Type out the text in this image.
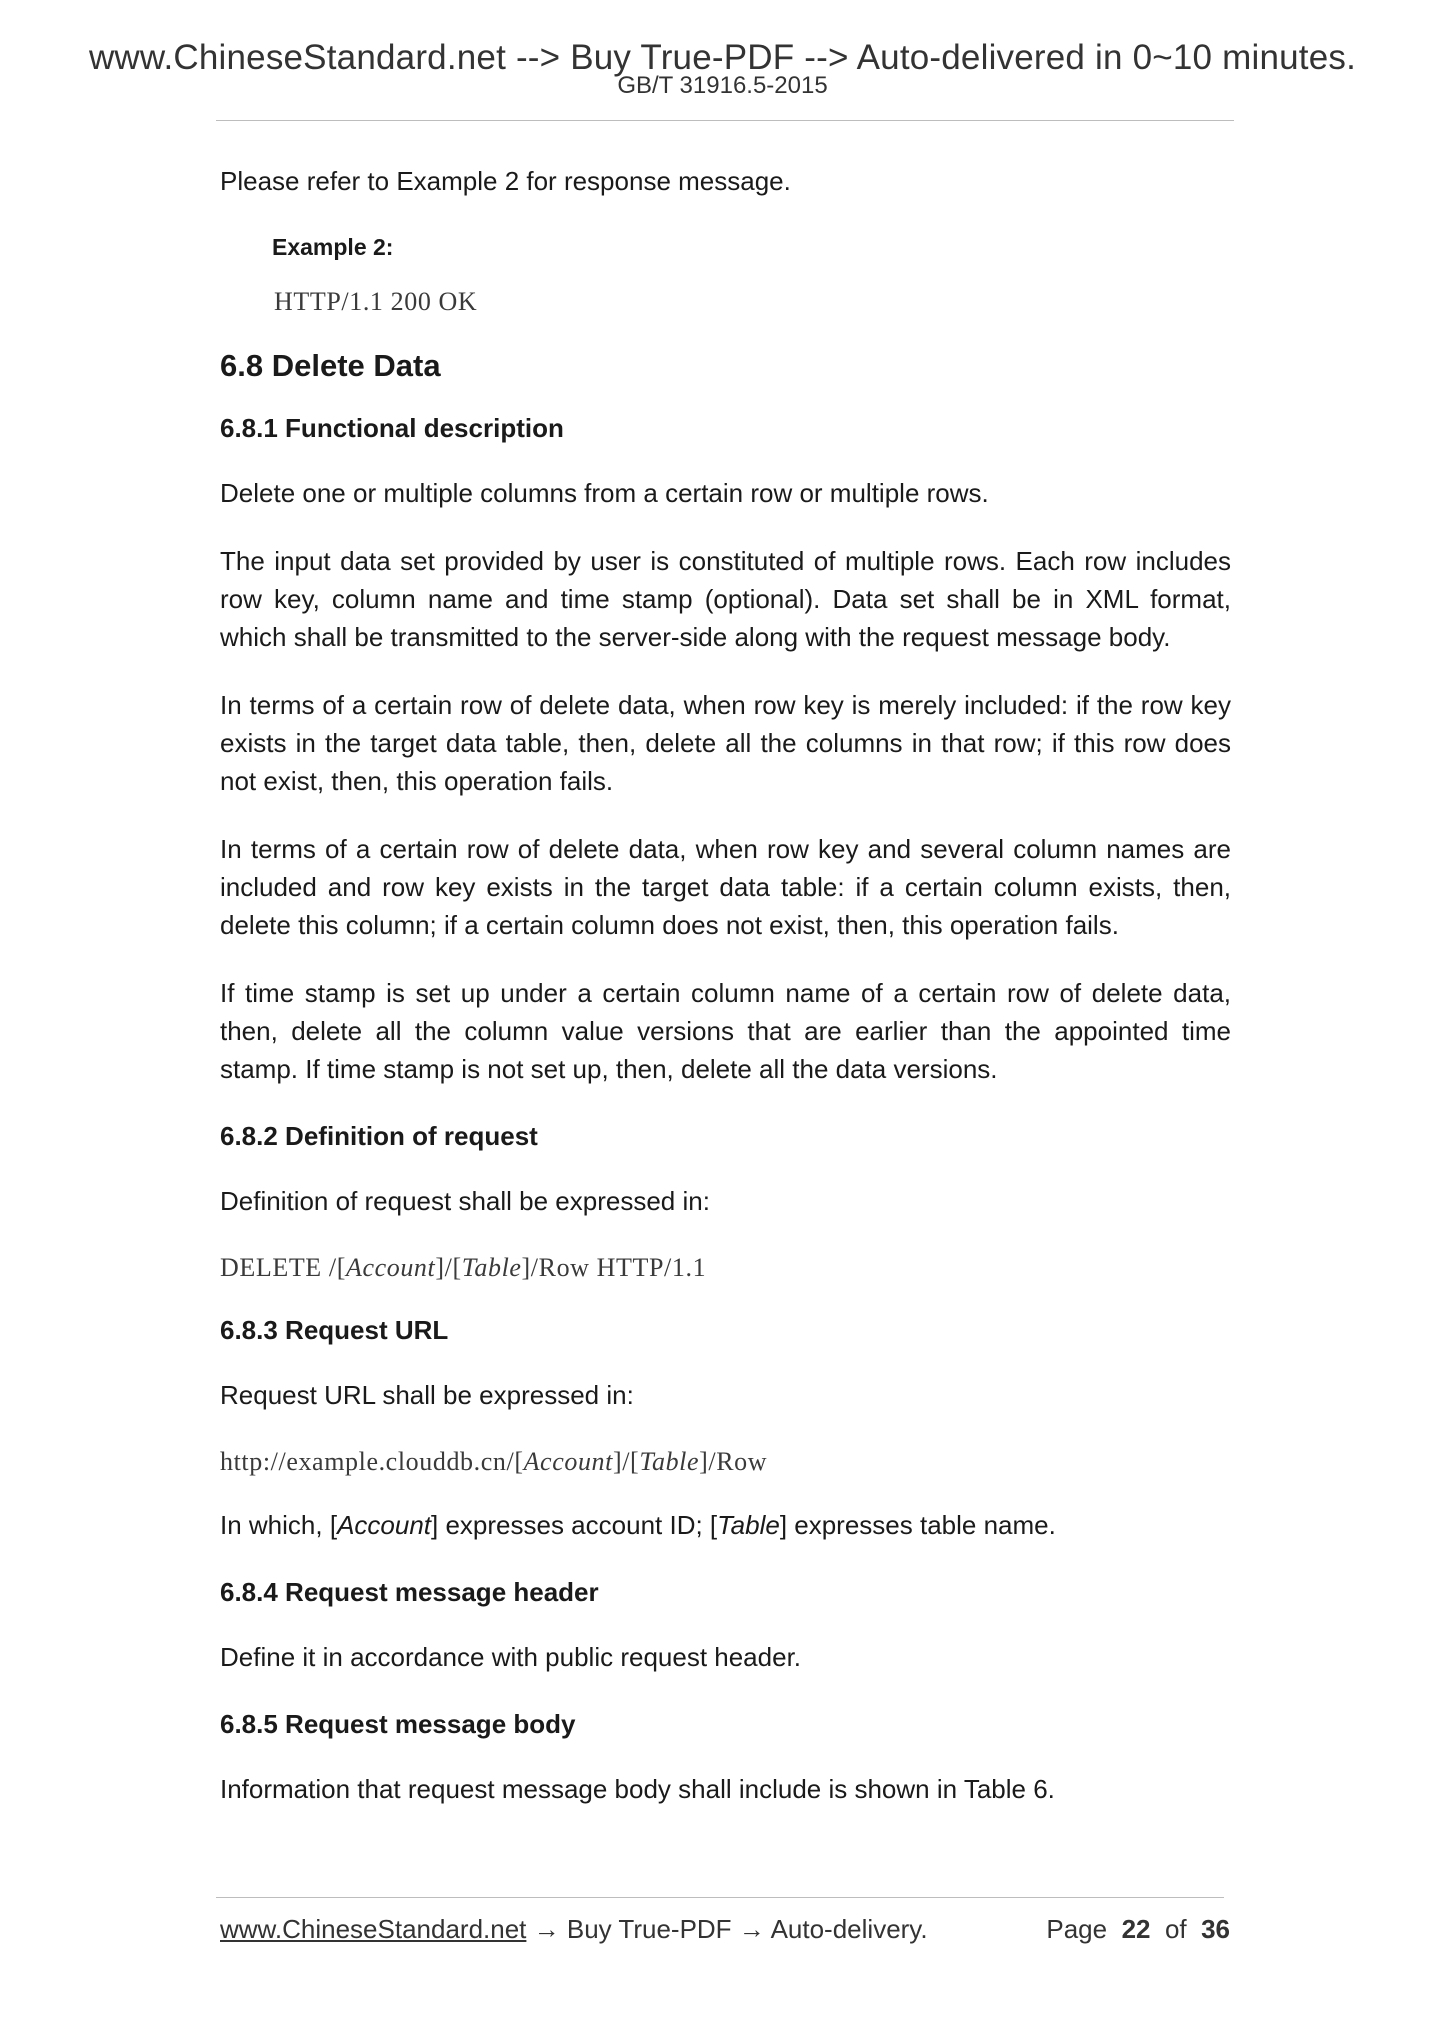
www.ChineseStandard.net --> Buy True-PDF --> Auto-delivered in 0~10 minutes.
GB/T 31916.5-2015

Please refer to Example 2 for response message.

Example 2:
HTTP/1.1 200 OK
6.8 Delete Data
6.8.1 Functional description

Delete one or multiple columns from a certain row or multiple rows.

The input data set provided by user is constituted of multiple rows. Each row includes row key, column name and time stamp (optional). Data set shall be in XML format, which shall be transmitted to the server-side along with the request message body.

In terms of a certain row of delete data, when row key is merely included: if the row key exists in the target data table, then, delete all the columns in that row; if this row does not exist, then, this operation fails.

In terms of a certain row of delete data, when row key and several column names are included and row key exists in the target data table: if a certain column exists, then, delete this column; if a certain column does not exist, then, this operation fails.

If time stamp is set up under a certain column name of a certain row of delete data, then, delete all the column value versions that are earlier than the appointed time stamp. If time stamp is not set up, then, delete all the data versions.

6.8.2 Definition of request

Definition of request shall be expressed in:

DELETE /[Account]/[Table]/Row HTTP/1.1
6.8.3 Request URL

Request URL shall be expressed in:

http://example.clouddb.cn/[Account]/[Table]/Row

In which, [Account] expresses account ID; [Table] expresses table name.

6.8.4 Request message header

Define it in accordance with public request header.

6.8.5 Request message body

Information that request message body shall include is shown in Table 6.

www.ChineseStandard.net → Buy True-PDF → Auto-delivery.	Page 22 of 36
